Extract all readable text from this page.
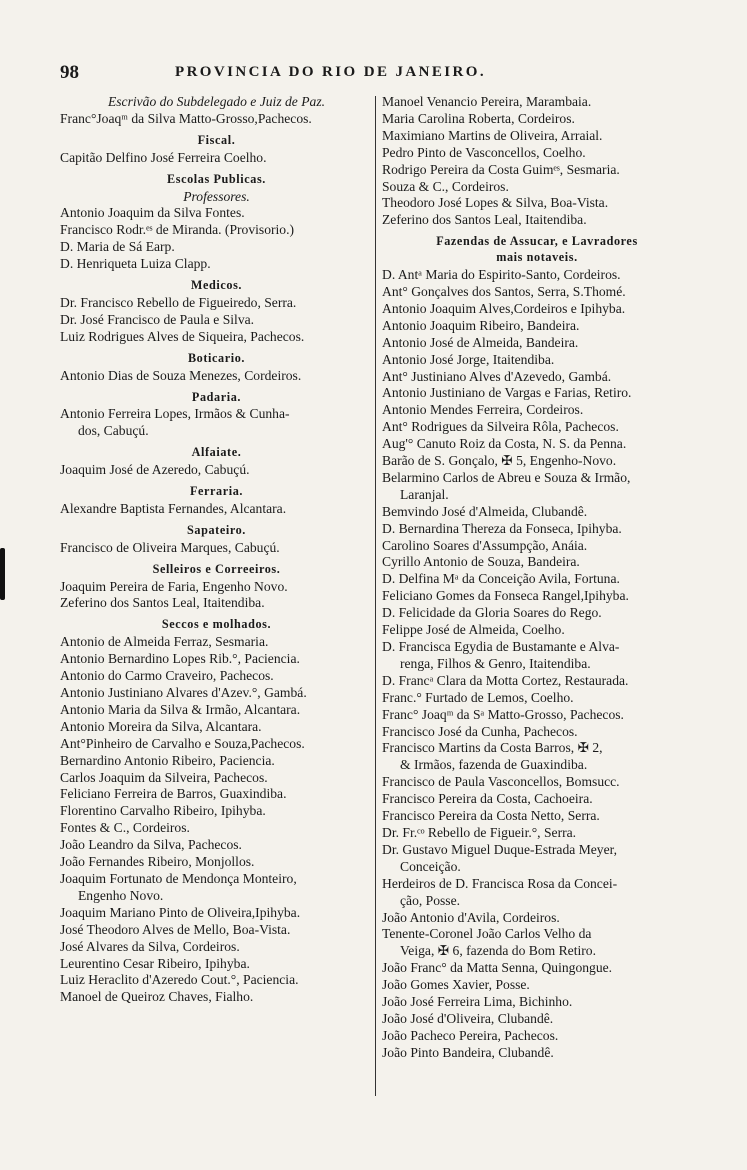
98	PROVINCIA DO RIO DE JANEIRO.
Escrivão do Subdelegado e Juiz de Paz.
Franc°Joaqᵐ da Silva Matto-Grosso,Pachecos.
Fiscal.
Capitão Delfino José Ferreira Coelho.
Escolas Publicas.
Professores.
Antonio Joaquim da Silva Fontes.
Francisco Rodr.ᵉˢ de Miranda. (Provisorio.)
D. Maria de Sá Earp.
D. Henriqueta Luiza Clapp.
Medicos.
Dr. Francisco Rebello de Figueiredo, Serra.
Dr. José Francisco de Paula e Silva.
Luiz Rodrigues Alves de Siqueira, Pachecos.
Boticario.
Antonio Dias de Souza Menezes, Cordeiros.
Padaria.
Antonio Ferreira Lopes, Irmãos & Cunha-
dos, Cabuçú.
Alfaiate.
Joaquim José de Azeredo, Cabuçú.
Ferraria.
Alexandre Baptista Fernandes, Alcantara.
Sapateiro.
Francisco de Oliveira Marques, Cabuçú.
Selleiros e Correeiros.
Joaquim Pereira de Faria, Engenho Novo.
Zeferino dos Santos Leal, Itaitendiba.
Seccos e molhados.
Antonio de Almeida Ferraz, Sesmaria.
Antonio Bernardino Lopes Rib.°, Paciencia.
Antonio do Carmo Craveiro, Pachecos.
Antonio Justiniano Alvares d'Azev.°, Gambá.
Antonio Maria da Silva & Irmão, Alcantara.
Antonio Moreira da Silva, Alcantara.
Ant°Pinheiro de Carvalho e Souza,Pachecos.
Bernardino Antonio Ribeiro, Paciencia.
Carlos Joaquim da Silveira, Pachecos.
Feliciano Ferreira de Barros, Guaxindiba.
Florentino Carvalho Ribeiro, Ipihyba.
Fontes & C., Cordeiros.
João Leandro da Silva, Pachecos.
João Fernandes Ribeiro, Monjollos.
Joaquim Fortunato de Mendonça Monteiro,
Engenho Novo.
Joaquim Mariano Pinto de Oliveira,Ipihyba.
José Theodoro Alves de Mello, Boa-Vista.
José Alvares da Silva, Cordeiros.
Leurentino Cesar Ribeiro, Ipihyba.
Luiz Heraclito d'Azeredo Cout.°, Paciencia.
Manoel de Queiroz Chaves, Fialho.
Manoel Venancio Pereira, Marambaia.
Maria Carolina Roberta, Cordeiros.
Maximiano Martins de Oliveira, Arraial.
Pedro Pinto de Vasconcellos, Coelho.
Rodrigo Pereira da Costa Guimᵉˢ, Sesmaria.
Souza & C., Cordeiros.
Theodoro José Lopes & Silva, Boa-Vista.
Zeferino dos Santos Leal, Itaitendiba.
Fazendas de Assucar, e Lavradores
mais notaveis.
D. Antᵃ Maria do Espirito-Santo, Cordeiros.
Ant° Gonçalves dos Santos, Serra, S.Thomé.
Antonio Joaquim Alves,Cordeiros e Ipihyba.
Antonio Joaquim Ribeiro, Bandeira.
Antonio José de Almeida, Bandeira.
Antonio José Jorge, Itaitendiba.
Ant° Justiniano Alves d'Azevedo, Gambá.
Antonio Justiniano de Vargas e Farias, Retiro.
Antonio Mendes Ferreira, Cordeiros.
Ant° Rodrigues da Silveira Rôla, Pachecos.
Aug'° Canuto Roiz da Costa, N. S. da Penna.
Barão de S. Gonçalo, ✠ 5, Engenho-Novo.
Belarmino Carlos de Abreu e Souza & Irmão,
Laranjal.
Bemvindo José d'Almeida, Clubandê.
D. Bernardina Thereza da Fonseca, Ipihyba.
Carolino Soares d'Assumpção, Anáia.
Cyrillo Antonio de Souza, Bandeira.
D. Delfina Mᵃ da Conceição Avila, Fortuna.
Feliciano Gomes da Fonseca Rangel,Ipihyba.
D. Felicidade da Gloria Soares do Rego.
Felippe José de Almeida, Coelho.
D. Francisca Egydia de Bustamante e Alva-
renga, Filhos & Genro, Itaitendiba.
D. Francᵃ Clara da Motta Cortez, Restaurada.
Franc.° Furtado de Lemos, Coelho.
Franc° Joaqᵐ da Sᵃ Matto-Grosso, Pachecos.
Francisco José da Cunha, Pachecos.
Francisco Martins da Costa Barros, ✠ 2,
& Irmãos, fazenda de Guaxindiba.
Francisco de Paula Vasconcellos, Bomsucc.
Francisco Pereira da Costa, Cachoeira.
Francisco Pereira da Costa Netto, Serra.
Dr. Fr.ᶜᵒ Rebello de Figueir.°, Serra.
Dr. Gustavo Miguel Duque-Estrada Meyer,
Conceição.
Herdeiros de D. Francisca Rosa da Concei-
ção, Posse.
João Antonio d'Avila, Cordeiros.
Tenente-Coronel João Carlos Velho da
Veiga, ✠ 6, fazenda do Bom Retiro.
João Franc° da Matta Senna, Quingongue.
João Gomes Xavier, Posse.
João José Ferreira Lima, Bichinho.
João José d'Oliveira, Clubandê.
João Pacheco Pereira, Pachecos.
João Pinto Bandeira, Clubandê.
